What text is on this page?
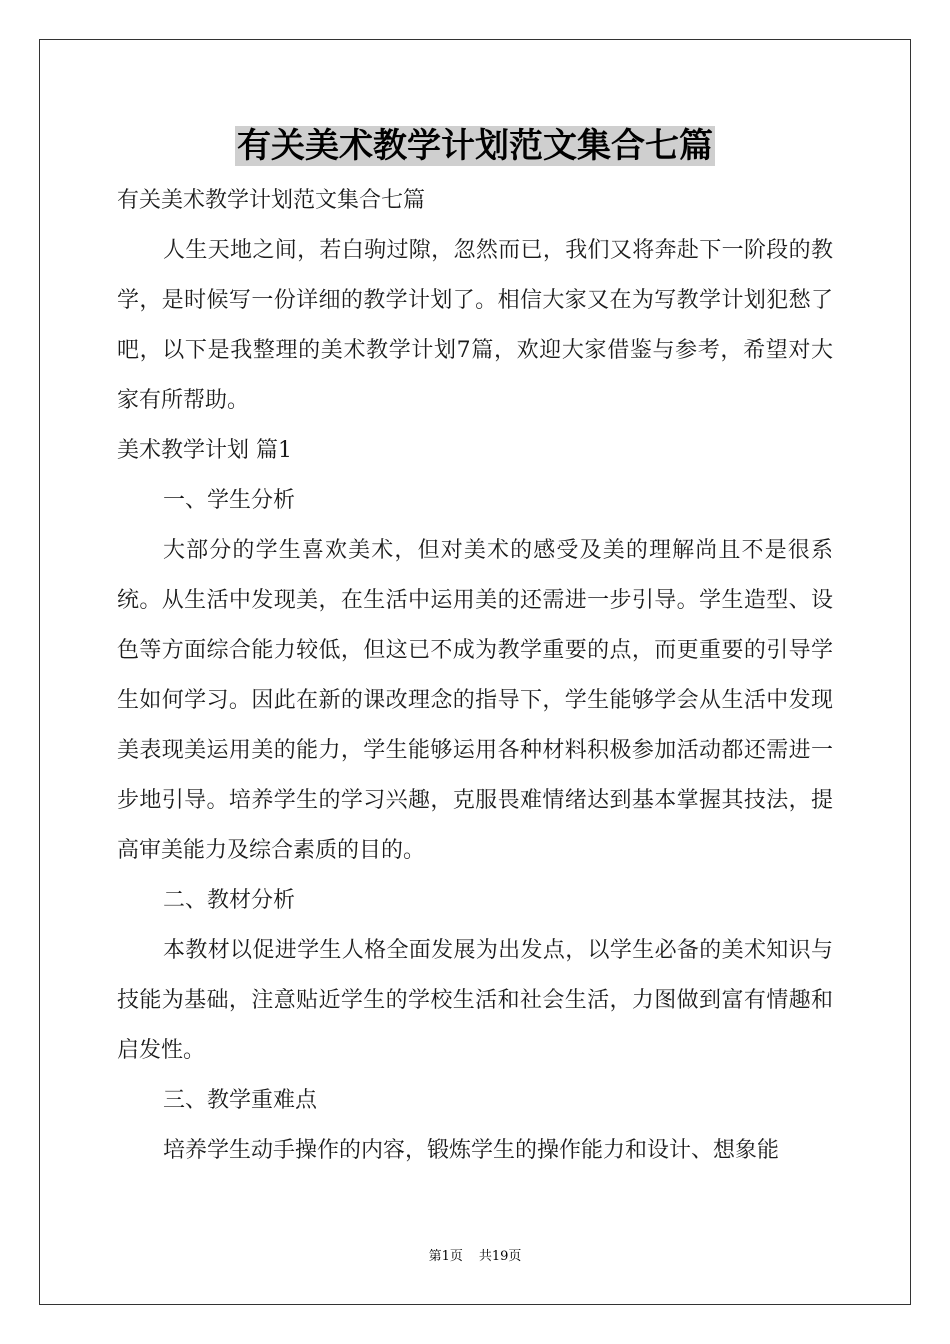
有关美术教学计划范文集合七篇

有关美术教学计划范文集合七篇

人生天地之间，若白驹过隙，忽然而已，我们又将奔赴下一阶段的教学，是时候写一份详细的教学计划了。相信大家又在为写教学计划犯愁了吧，以下是我整理的美术教学计划7篇，欢迎大家借鉴与参考，希望对大家有所帮助。

美术教学计划 篇1

一、学生分析

大部分的学生喜欢美术，但对美术的感受及美的理解尚且不是很系统。从生活中发现美，在生活中运用美的还需进一步引导。学生造型、设色等方面综合能力较低，但这已不成为教学重要的点，而更重要的引导学生如何学习。因此在新的课改理念的指导下，学生能够学会从生活中发现美表现美运用美的能力，学生能够运用各种材料积极参加活动都还需进一步地引导。培养学生的学习兴趣，克服畏难情绪达到基本掌握其技法，提高审美能力及综合素质的目的。

二、教材分析

本教材以促进学生人格全面发展为出发点，以学生必备的美术知识与技能为基础，注意贴近学生的学校生活和社会生活，力图做到富有情趣和启发性。

三、教学重难点

培养学生动手操作的内容，锻炼学生的操作能力和设计、想象能

第1页 共19页
